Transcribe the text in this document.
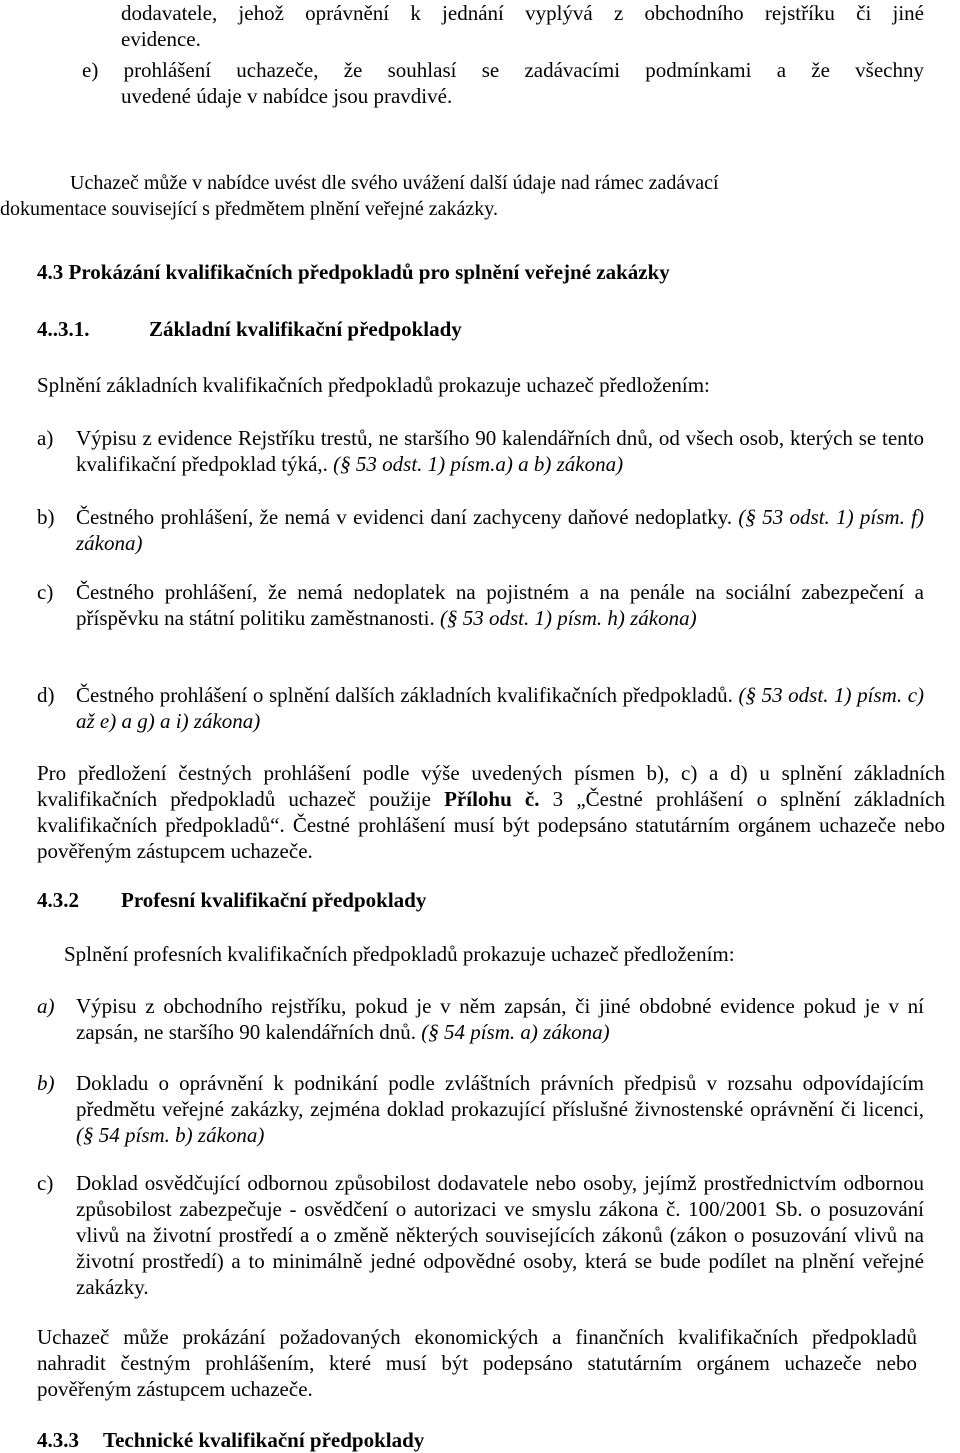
dodavatele, jehož oprávnění k jednání vyplývá z obchodního rejstříku či jiné
evidence.
e) prohlášení uchazeče, že souhlasí se zadávacími podmínkami a že všechny
uvedené údaje v nabídce jsou pravdivé.
Uchazeč může v nabídce uvést dle svého uvážení další údaje nad rámec zadávací
dokumentace související s předmětem plnění veřejné zakázky.
4.3 Prokázání kvalifikačních předpokladů pro splnění veřejné zakázky
4..3.1.	Základní kvalifikační předpoklady
Splnění základních kvalifikačních předpokladů prokazuje uchazeč předložením:
a) Výpisu z evidence Rejstříku trestů, ne staršího 90 kalendářních dnů, od všech osob, kterých se tento kvalifikační předpoklad týká,. (§ 53 odst. 1) písm.a) a b) zákona)
b) Čestného prohlášení, že nemá v evidenci daní zachyceny daňové nedoplatky. (§ 53 odst. 1) písm. f) zákona)
c) Čestného prohlášení, že nemá nedoplatek na pojistném a na penále na sociální zabezpečení a příspěvku na státní politiku zaměstnanosti. (§ 53 odst. 1) písm. h) zákona)
d) Čestného prohlášení o splnění dalších základních kvalifikačních předpokladů. (§ 53 odst. 1) písm. c) až e) a g) a i) zákona)
Pro předložení čestných prohlášení podle výše uvedených písmen b), c) a d) u splnění základních kvalifikačních předpokladů uchazeč použije Přílohu č. 3 „Čestné prohlášení o splnění základních kvalifikačních předpokladů“. Čestné prohlášení musí být podepsáno statutárním orgánem uchazeče nebo pověřeným zástupcem uchazeče.
4.3.2 Profesní kvalifikační předpoklady
Splnění profesních kvalifikačních předpokladů prokazuje uchazeč předložením:
a) Výpisu z obchodního rejstříku, pokud je v něm zapsán, či jiné obdobné evidence pokud je v ní zapsán, ne staršího 90 kalendářních dnů. (§ 54 písm. a) zákona)
b) Dokladu o oprávnění k podnikání podle zvláštních právních předpisů v rozsahu odpovídajícím předmětu veřejné zakázky, zejména doklad prokazující příslušné živnostenské oprávnění či licenci, (§ 54 písm. b) zákona)
c) Doklad osvědčující odbornou způsobilost dodavatele nebo osoby, jejímž prostřednictvím odbornou způsobilost zabezpečuje - osvědčení o autorizaci ve smyslu zákona č. 100/2001 Sb. o posuzování vlivů na životní prostředí a o změně některých souvisejících zákonů (zákon o posuzování vlivů na životní prostředí) a to minimálně jedné odpovědné osoby, která se bude podílet na plnění veřejné zakázky.
Uchazeč může prokázání požadovaných ekonomických a finančních kvalifikačních předpokladů nahradit čestným prohlášením, které musí být podepsáno statutárním orgánem uchazeče nebo pověřeným zástupcem uchazeče.
4.3.3 Technické kvalifikační předpoklady
